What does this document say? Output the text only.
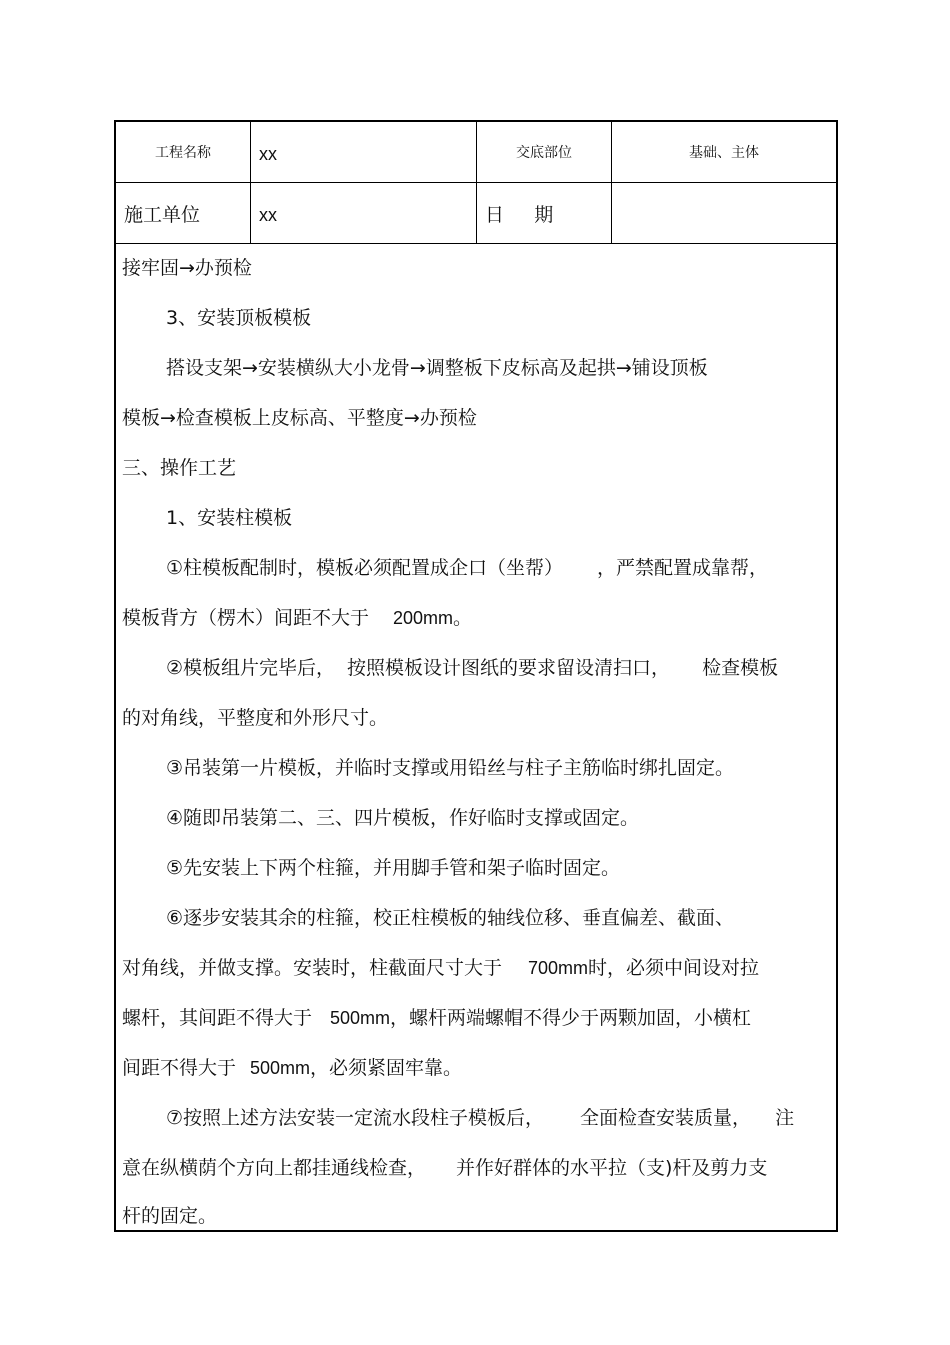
工程名称	xx	交底部位	基础、主体
施工单位	xx	日     期
接牢固→办预检
3、安装顶板模板
搭设支架→安装横纵大小龙骨→调整板下皮标高及起拱→铺设顶板
模板→检查模板上皮标高、平整度→办预检
三、操作工艺
1、安装柱模板
①柱模板配制时，模板必须配置成企口（坐帮） ，严禁配置成靠帮，
模板背方（楞木）间距不大于 200mm。
②模板组片完毕后， 按照模板设计图纸的要求留设清扫口， 检查模板
的对角线，平整度和外形尺寸。
③吊装第一片模板，并临时支撑或用铅丝与柱子主筋临时绑扎固定。
④随即吊装第二、三、四片模板，作好临时支撑或固定。
⑤先安装上下两个柱箍，并用脚手管和架子临时固定。
⑥逐步安装其余的柱箍，校正柱模板的轴线位移、垂直偏差、截面、
对角线，并做支撑。安装时，柱截面尺寸大于 700mm时，必须中间设对拉
螺杆，其间距不得大于 500mm，螺杆两端螺帽不得少于两颗加固，小横杠
间距不得大于 500mm，必须紧固牢靠。
⑦按照上述方法安装一定流水段柱子模板后， 全面检查安装质量， 注
意在纵横荫个方向上都挂通线检查， 并作好群体的水平拉（支)杆及剪力支
杆的固定。
